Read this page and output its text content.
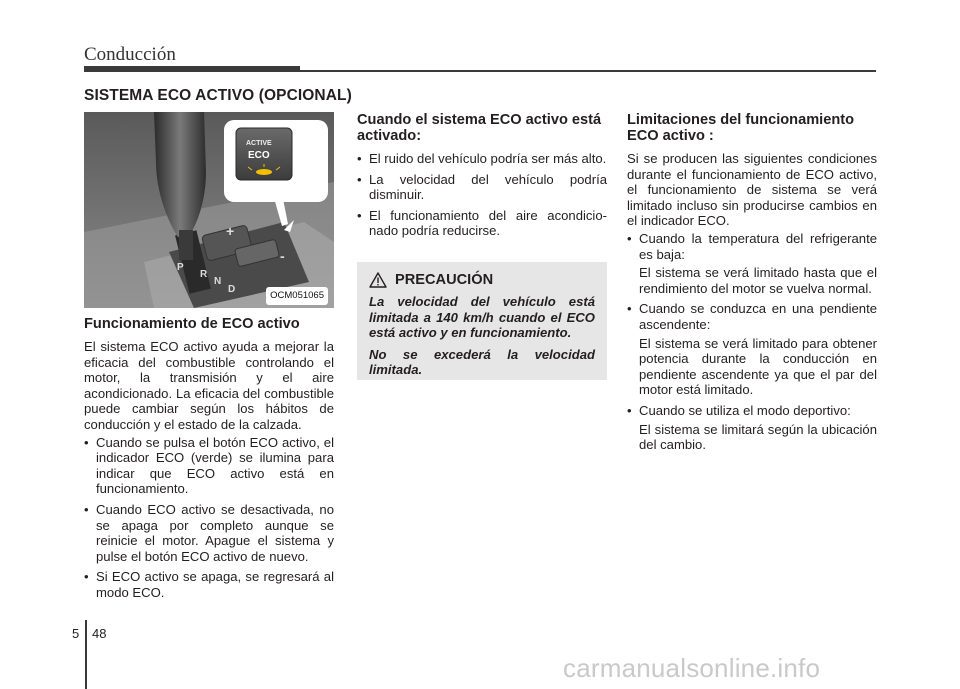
Conducción
SISTEMA ECO ACTIVO (OPCIONAL)
+
-
P
R
N
D
ACTIVE
ECO
OCM051065
Funcionamiento de ECO activo

El sistema ECO activo ayuda a mejorar la eficacia del combustible controlando el motor, la transmisión y el aire acondicionado. La eficacia del combustible puede cambiar según los hábitos de conducción y el estado de la calzada.

• Cuando se pulsa el botón ECO activo, el indicador ECO (verde) se ilumina para indicar que ECO activo está en funcionamiento.
• Cuando ECO activo se desactivada, no se apaga por completo aunque se reinicie el motor. Apague el sistema y pulse el botón ECO activo de nuevo.
• Si ECO activo se apaga, se regresará al modo ECO.
Cuando el sistema ECO activo está activado:
• El ruido del vehículo podría ser más alto.
• La velocidad del vehículo podría disminuir.
• El funcionamiento del aire acondicio-nado podría reducirse.
PRECAUCIÓN

La velocidad del vehículo está limitada a 140 km/h cuando el ECO está activo y en funcionamiento.

No se excederá la velocidad limitada.

Limitaciones del funcionamiento ECO activo :

Si se producen las siguientes condiciones durante el funcionamiento de ECO activo, el funcionamiento de sistema se verá limitado incluso sin producirse cambios en el indicador ECO.

• Cuando la temperatura del refrigerante es baja:
El sistema se verá limitado hasta que el rendimiento del motor se vuelva normal.
• Cuando se conduzca en una pendiente ascendente:
El sistema se verá limitado para obtener potencia durante la conducción en pendiente ascendente ya que el par del motor está limitado.
• Cuando se utiliza el modo deportivo:
El sistema se limitará según la ubicación del cambio.
5 48
carmanualsonline.info
